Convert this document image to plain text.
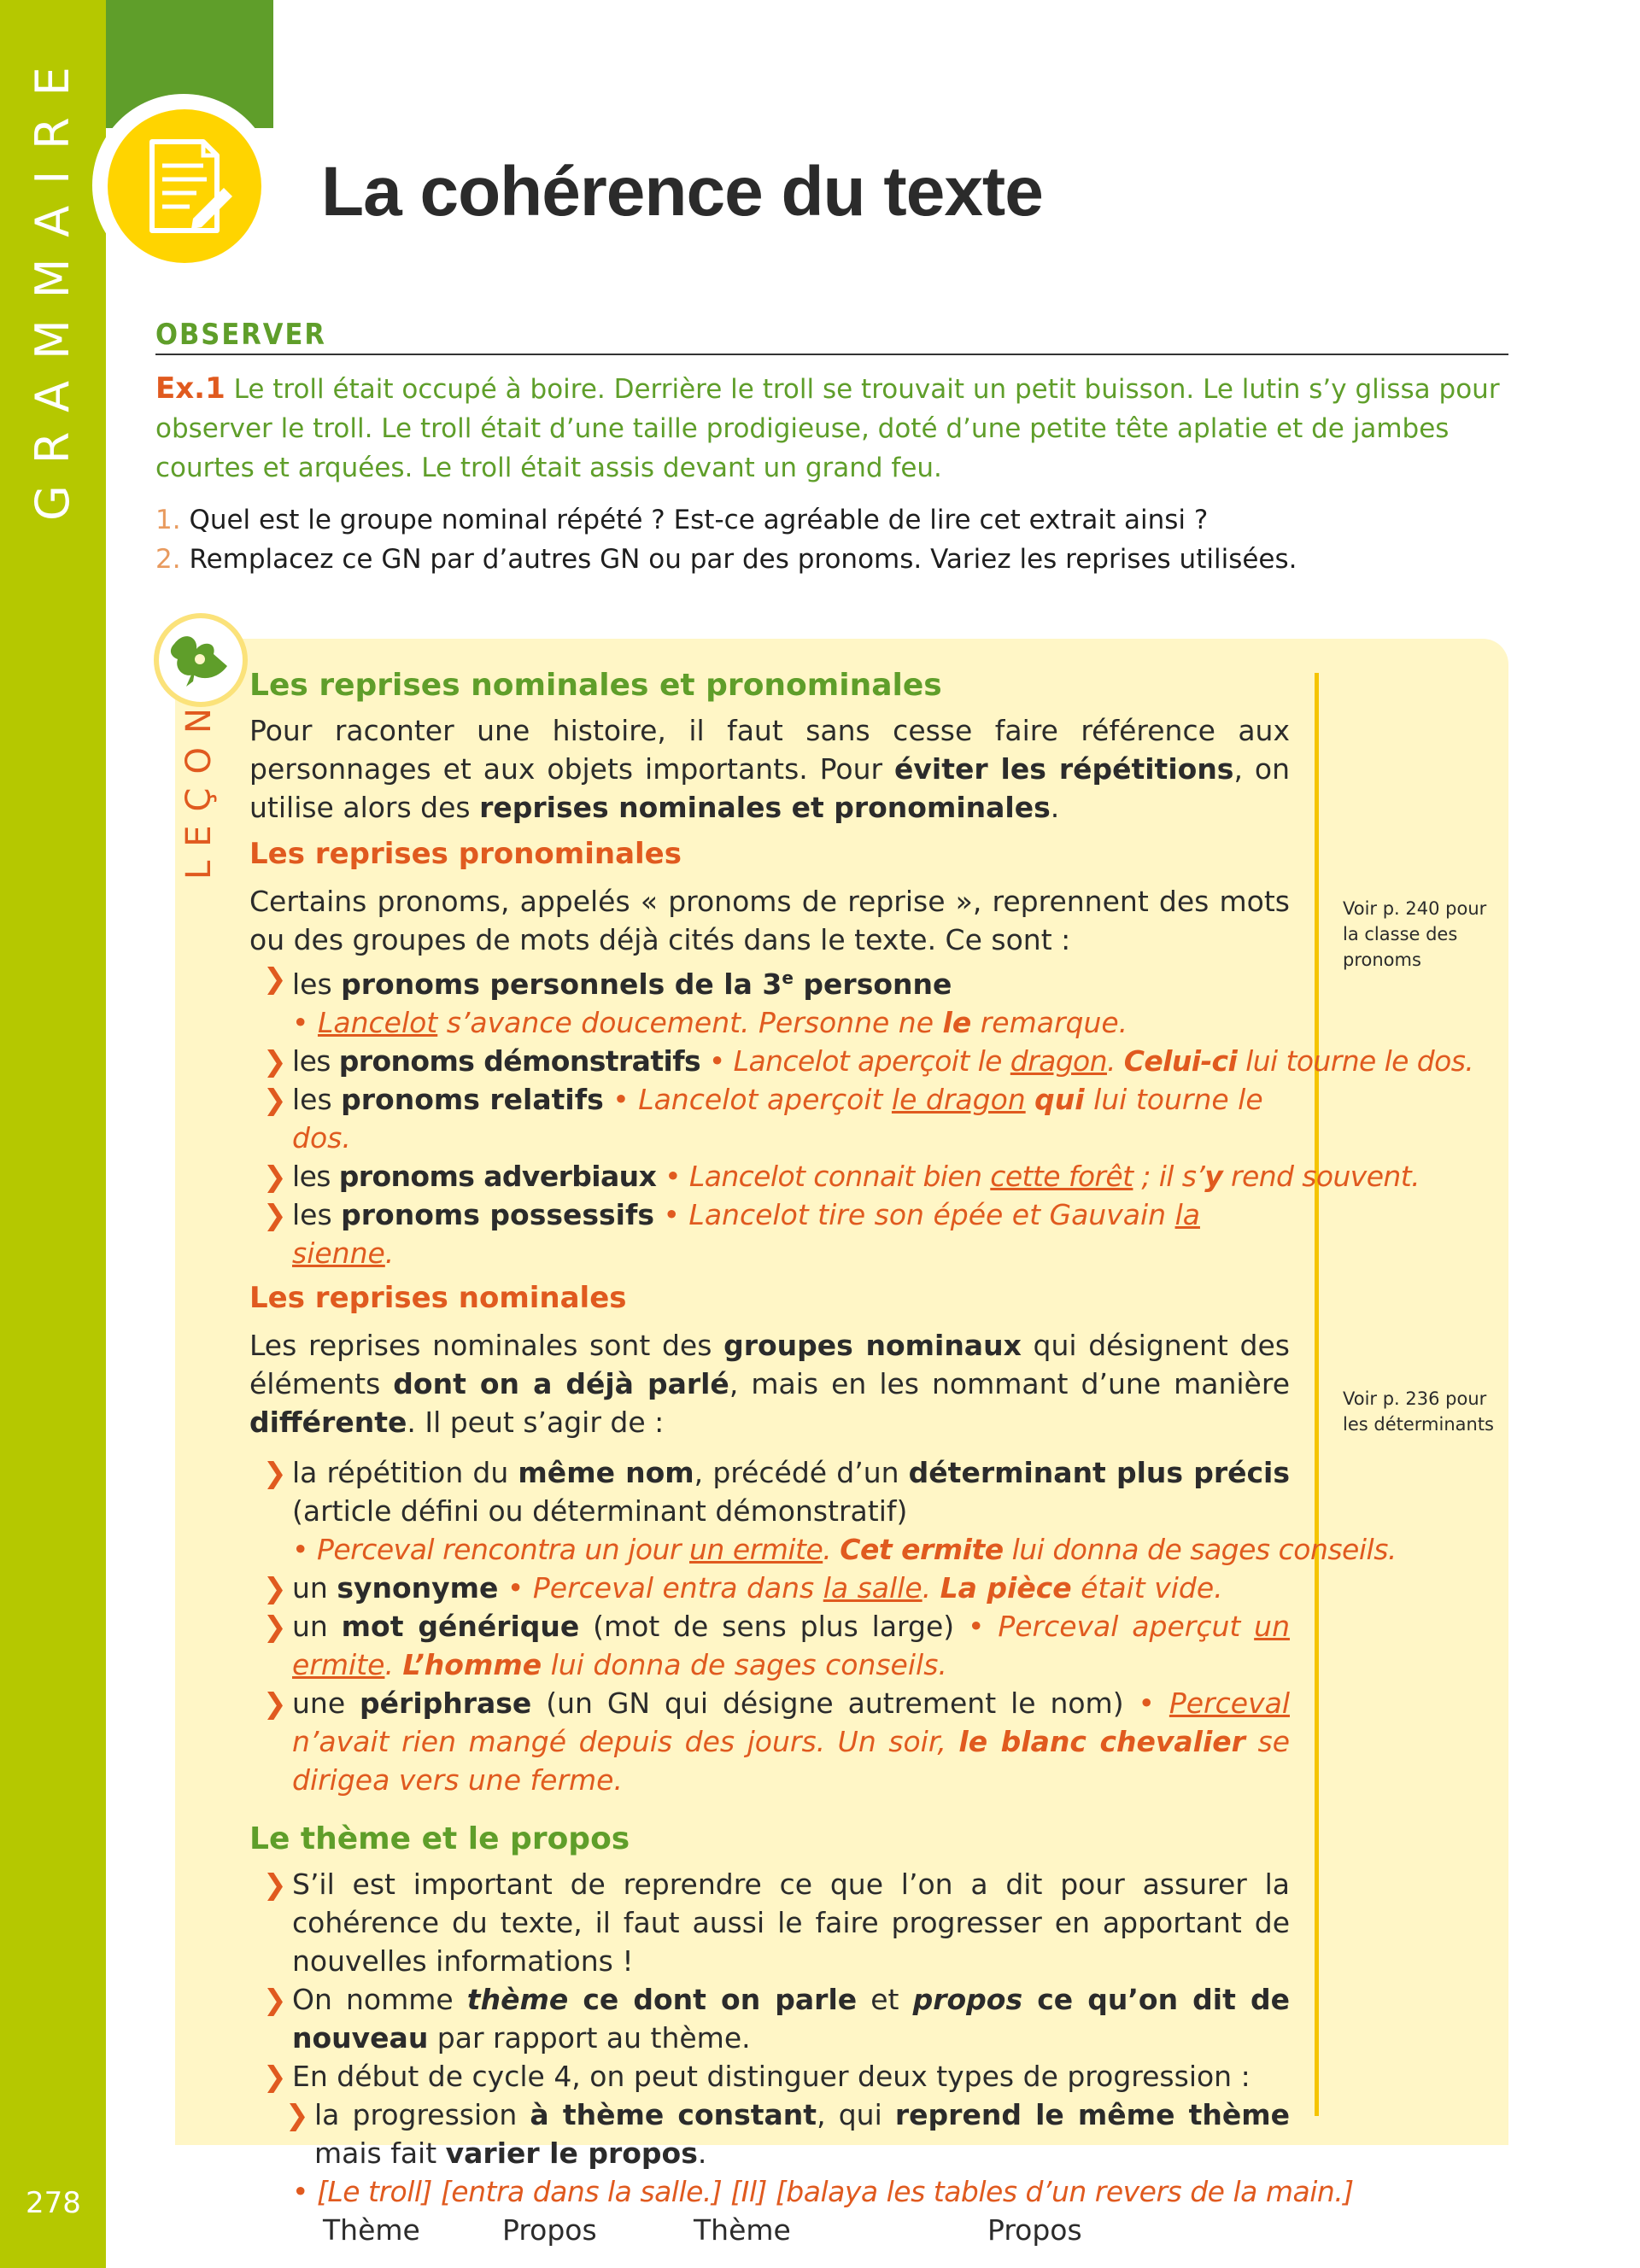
GRAMMAIRE
278
La cohérence du texte
OBSERVER

Ex.1 Le troll était occupé à boire. Derrière le troll se trouvait un petit buisson. Le lutin s’y glissa pour observer le troll. Le troll était d’une taille prodigieuse, doté d’une petite tête aplatie et de jambes courtes et arquées. Le troll était assis devant un grand feu.

1. Quel est le groupe nominal répété ? Est-ce agréable de lire cet extrait ainsi ?
2. Remplacez ce GN par d’autres GN ou par des pronoms. Variez les reprises utilisées.
LEÇON

Les reprises nominales et pronominales

Pour raconter une histoire, il faut sans cesse faire référence aux personnages et aux objets importants. Pour éviter les répétitions, on utilise alors des reprises nominales et pronominales.

Les reprises pronominales

Certains pronoms, appelés « pronoms de reprise », reprennent des mots ou des groupes de mots déjà cités dans le texte. Ce sont :

❯ les pronoms personnels de la 3e personne

• Lancelot s’avance doucement. Personne ne le remarque.

❯ les pronoms démonstratifs • Lancelot aperçoit le dragon. Celui-ci lui tourne le dos.

❯ les pronoms relatifs • Lancelot aperçoit le dragon qui lui tourne le dos.

❯ les pronoms adverbiaux • Lancelot connait bien cette forêt ; il s’y rend souvent.

❯ les pronoms possessifs • Lancelot tire son épée et Gauvain la sienne.

Les reprises nominales

Les reprises nominales sont des groupes nominaux qui désignent des éléments dont on a déjà parlé, mais en les nommant d’une manière différente. Il peut s’agir de :

❯ la répétition du même nom, précédé d’un déterminant plus précis (article défini ou déterminant démonstratif)
• Perceval rencontra un jour un ermite. Cet ermite lui donna de sages conseils.

❯ un synonyme • Perceval entra dans la salle. La pièce était vide.

❯ un mot générique (mot de sens plus large) • Perceval aperçut un ermite. L’homme lui donna de sages conseils.

❯ une périphrase (un GN qui désigne autrement le nom) • Perceval n’avait rien mangé depuis des jours. Un soir, le blanc chevalier se dirigea vers une ferme.

Le thème et le propos

❯ S’il est important de reprendre ce que l’on a dit pour assurer la cohérence du texte, il faut aussi le faire progresser en apportant de nouvelles informations !

❯ On nomme thème ce dont on parle et propos ce qu’on dit de nouveau par rapport au thème.

❯ En début de cycle 4, on peut distinguer deux types de progression :

❯ la progression à thème constant, qui reprend le même thème mais fait varier le propos.

• [Le troll] [entra dans la salle.] [Il] [balaya les tables d’un revers de la main.]

Thème	Propos	Thème	Propos

Voir p. 240 pour la classe des pronoms

Voir p. 236 pour les déterminants
